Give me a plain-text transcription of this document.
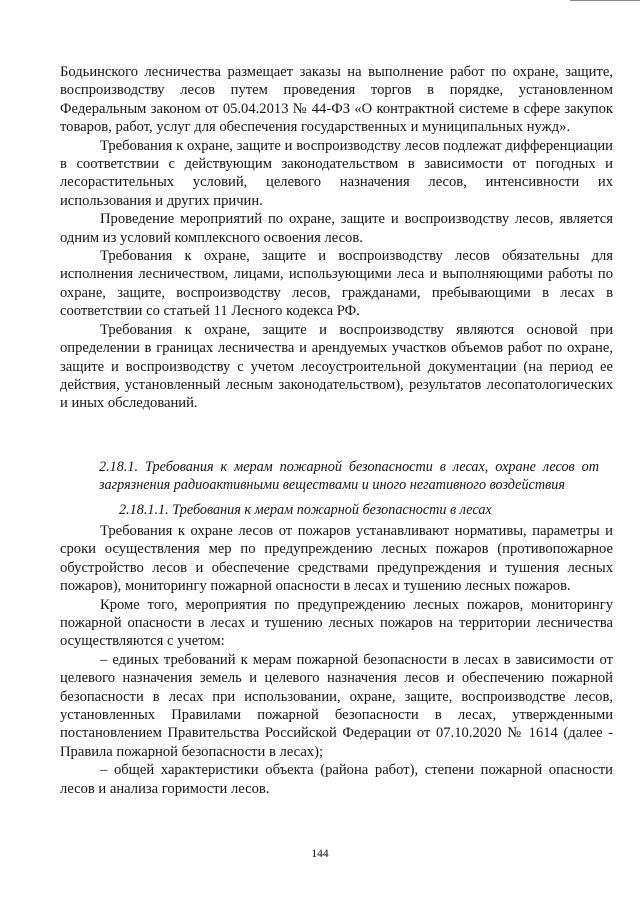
Бодьинского лесничества размещает заказы на выполнение работ по охране, защите, воспроизводству лесов путем проведения торгов в порядке, установленном Федеральным законом от 05.04.2013 № 44-ФЗ «О контрактной системе в сфере закупок товаров, работ, услуг для обеспечения государственных и муниципальных нужд».

Требования к охране, защите и воспроизводству лесов подлежат дифференциации в соответствии с действующим законодательством в зависимости от погодных и лесорастительных условий, целевого назначения лесов, интенсивности их использования и других причин.

Проведение мероприятий по охране, защите и воспроизводству лесов, является одним из условий комплексного освоения лесов.

Требования к охране, защите и воспроизводству лесов обязательны для исполнения лесничеством, лицами, использующими леса и выполняющими работы по охране, защите, воспроизводству лесов, гражданами, пребывающими в лесах в соответствии со статьей 11 Лесного кодекса РФ.

Требования к охране, защите и воспроизводству являются основой при определении в границах лесничества и арендуемых участков объемов работ по охране, защите и воспроизводству с учетом лесоустроительной документации (на период ее действия, установленный лесным законодательством), результатов лесопатологических и иных обследований.

2.18.1. Требования к мерам пожарной безопасности в лесах, охране лесов от загрязнения радиоактивными веществами и иного негативного воздействия
2.18.1.1. Требования к мерам пожарной безопасности в лесах

Требования к охране лесов от пожаров устанавливают нормативы, параметры и сроки осуществления мер по предупреждению лесных пожаров (противопожарное обустройство лесов и обеспечение средствами предупреждения и тушения лесных пожаров), мониторингу пожарной опасности в лесах и тушению лесных пожаров.

Кроме того, мероприятия по предупреждению лесных пожаров, мониторингу пожарной опасности в лесах и тушению лесных пожаров на территории лесничества осуществляются с учетом:

– единых требований к мерам пожарной безопасности в лесах в зависимости от целевого назначения земель и целевого назначения лесов и обеспечению пожарной безопасности в лесах при использовании, охране, защите, воспроизводстве лесов, установленных Правилами пожарной безопасности в лесах, утвержденными постановлением Правительства Российской Федерации от 07.10.2020 № 1614 (далее - Правила пожарной безопасности в лесах);

– общей характеристики объекта (района работ), степени пожарной опасности лесов и анализа горимости лесов.

144
